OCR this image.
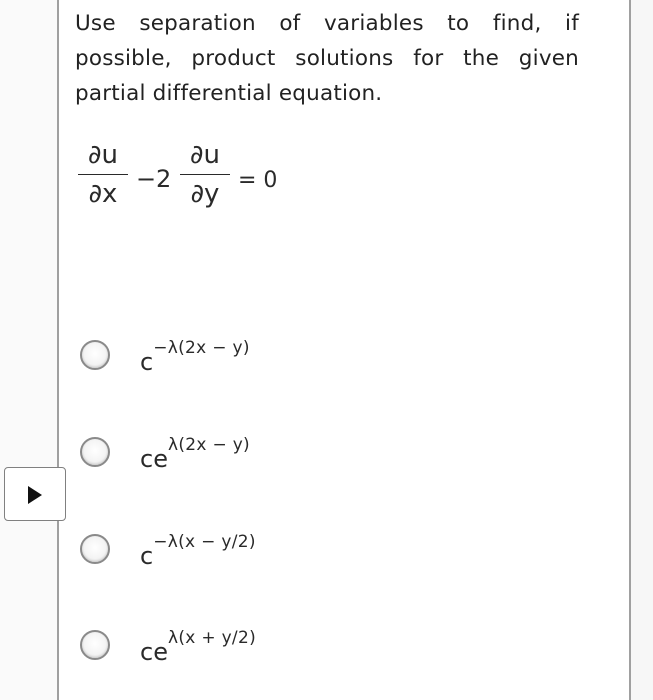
Use separation of variables to find, if possible, product solutions for the given partial differential equation.

∂u
∂x − 2
∂u
∂y = 0
c−λ(2x − y)
ceλ(2x − y)
c−λ(x − y/2)
ceλ(x + y/2)
